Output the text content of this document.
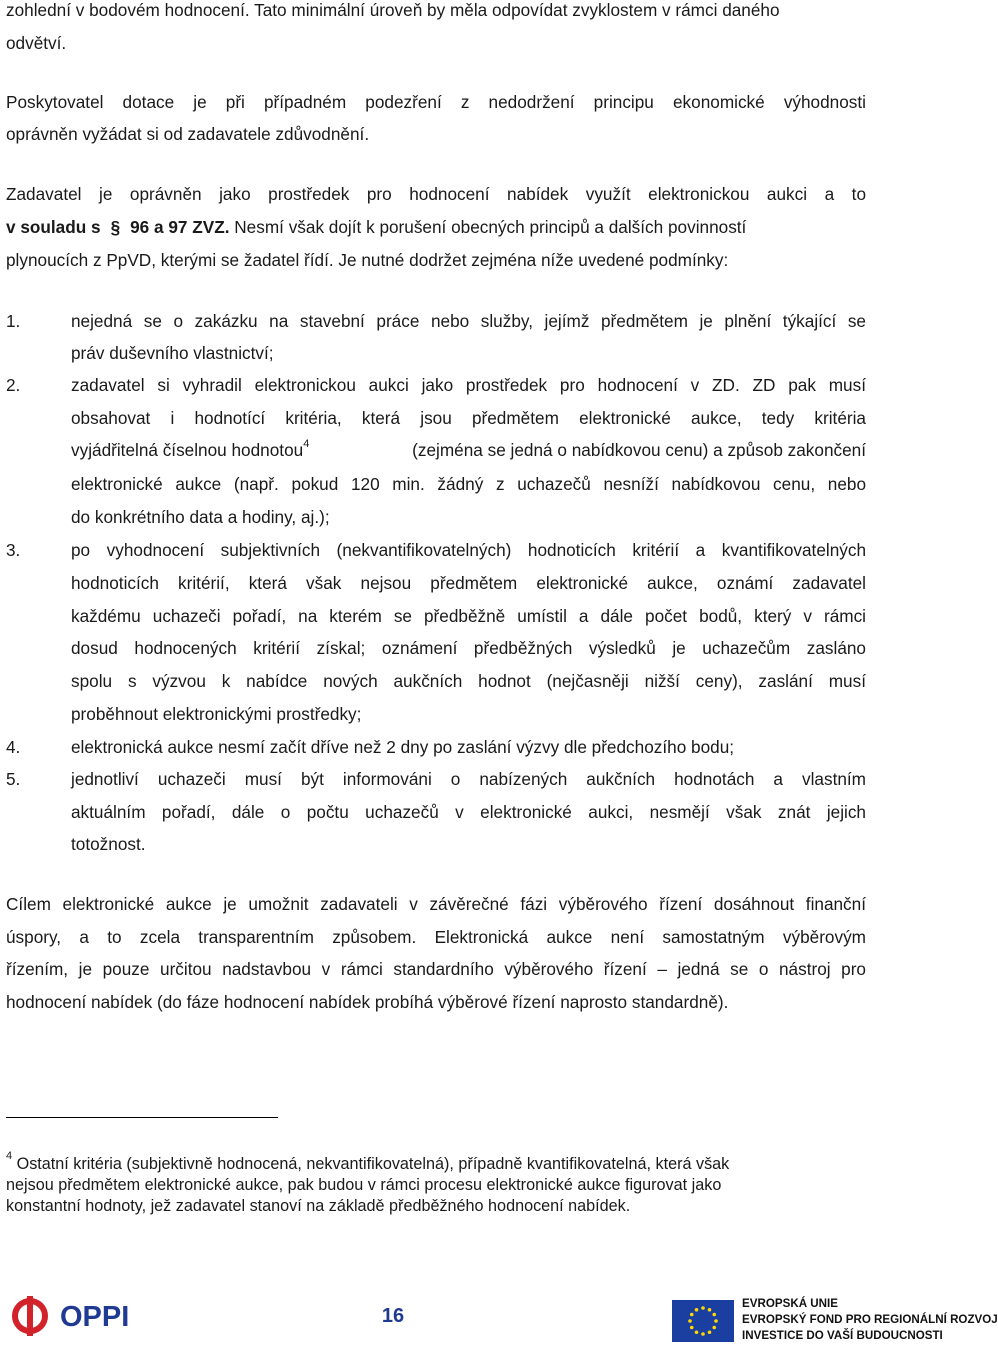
zohlední v bodovém hodnocení. Tato minimální úroveň by měla odpovídat zvyklostem v rámci daného
odvětví.
Poskytovatel dotace je při případném podezření z nedodržení principu ekonomické výhodnosti
oprávněn vyžádat si od zadavatele zdůvodnění.
Zadavatel je oprávněn jako prostředek pro hodnocení nabídek využít elektronickou aukci a to
v souladu s § 96 a 97 ZVZ. Nesmí však dojít k porušení obecných principů a dalších povinností
plynoucích z PpVD, kterými se žadatel řídí. Je nutné dodržet zejména níže uvedené podmínky:
1.	nejedná se o zakázku na stavební práce nebo služby, jejímž předmětem je plnění týkající se
práv duševního vlastnictví;
2.	zadavatel si vyhradil elektronickou aukci jako prostředek pro hodnocení v ZD. ZD pak musí
obsahovat i hodnotící kritéria, která jsou předmětem elektronické aukce, tedy kritéria
vyjádřitelná číselnou hodnotou$^4$	(zejména se jedná o nabídkovou cenu) a způsob zakončení
elektronické aukce (např. pokud 120 min. žádný z uchazečů nesníží nabídkovou cenu, nebo
do konkrétního data a hodiny, aj.);
3.	po vyhodnocení subjektivních (nekvantifikovatelných) hodnoticích kritérií a kvantifikovatelných
hodnoticích kritérií, která však nejsou předmětem elektronické aukce, oznámí zadavatel
každému uchazeči pořadí, na kterém se předběžně umístil a dále počet bodů, který v rámci
dosud hodnocených kritérií získal; oznámení předběžných výsledků je uchazečům zasláno
spolu s výzvou k nabídce nových aukčních hodnot (nejčasněji nižší ceny), zaslání musí
proběhnout elektronickými prostředky;
4.	elektronická aukce nesmí začít dříve než 2 dny po zaslání výzvy dle předchozího bodu;
5.	jednotliví uchazeči musí být informováni o nabízených aukčních hodnotách a vlastním
aktuálním pořadí, dále o počtu uchazečů v elektronické aukci, nesmějí však znát jejich
totožnost.
Cílem elektronické aukce je umožnit zadavateli v závěrečné fázi výběrového řízení dosáhnout finanční
úspory, a to zcela transparentním způsobem. Elektronická aukce není samostatným výběrovým
řízením, je pouze určitou nadstavbou v rámci standardního výběrového řízení – jedná se o nástroj pro
hodnocení nabídek (do fáze hodnocení nabídek probíhá výběrové řízení naprosto standardně).
$^4$ Ostatní kritéria (subjektivně hodnocená, nekvantifikovatelná), případně kvantifikovatelná, která však
nejsou předmětem elektronické aukce, pak budou v rámci procesu elektronické aukce figurovat jako
konstantní hodnoty, jež zadavatel stanoví na základě předběžného hodnocení nabídek.
OPPI	16
EVROPSKÁ UNIE
EVROPSKÝ FOND PRO REGIONÁLNÍ ROZVOJ
INVESTICE DO VAŠÍ BUDOUCNOSTI
